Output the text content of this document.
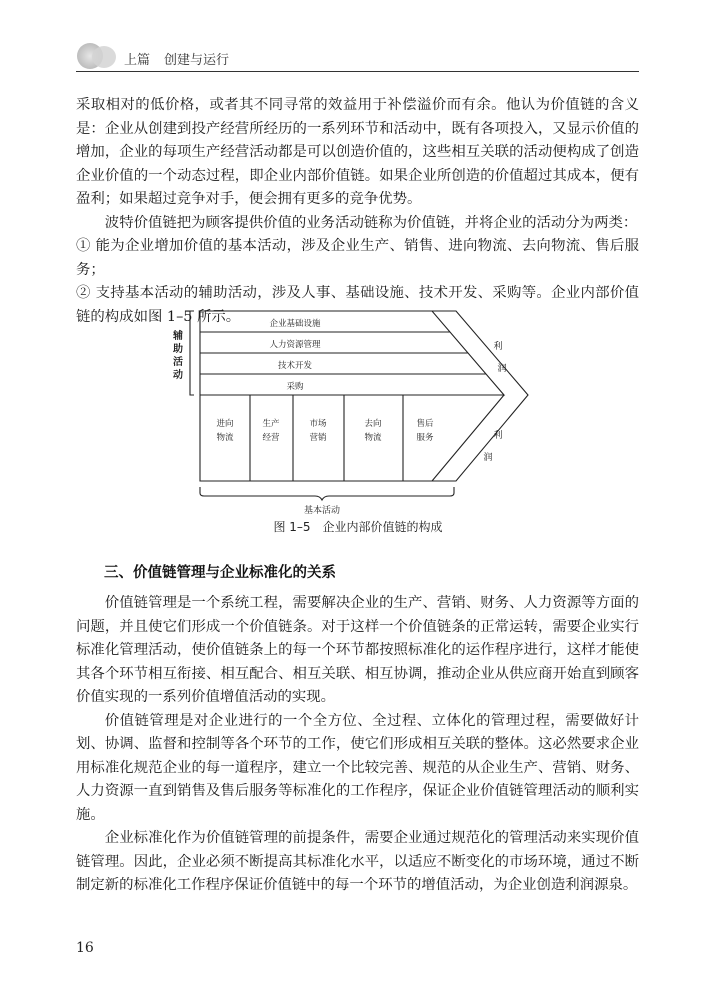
上篇 创建与运行

采取相对的低价格，或者其不同寻常的效益用于补偿溢价而有余。他认为价值链的含义是：企业从创建到投产经营所经历的一系列环节和活动中，既有各项投入，又显示价值的增加，企业的每项生产经营活动都是可以创造价值的，这些相互关联的活动便构成了创造企业价值的一个动态过程，即企业内部价值链。如果企业所创造的价值超过其成本，便有盈利；如果超过竞争对手，便会拥有更多的竞争优势。

波特价值链把为顾客提供价值的业务活动链称为价值链，并将企业的活动分为两类：

① 能为企业增加价值的基本活动，涉及企业生产、销售、进向物流、去向物流、售后服务；

② 支持基本活动的辅助活动，涉及人事、基础设施、技术开发、采购等。企业内部价值链的构成如图 1–5 所示。

辅
助
活
动
企业基础设施
人力资源管理
技术开发
采购
进向
物流
生产
经营
市场
营销
去向
物流
售后
服务
利
润
利
润
基本活动
图 1–5　企业内部价值链的构成
三、价值链管理与企业标准化的关系

价值链管理是一个系统工程，需要解决企业的生产、营销、财务、人力资源等方面的问题，并且使它们形成一个价值链条。对于这样一个价值链条的正常运转，需要企业实行标准化管理活动，使价值链条上的每一个环节都按照标准化的运作程序进行，这样才能使其各个环节相互衔接、相互配合、相互关联、相互协调，推动企业从供应商开始直到顾客价值实现的一系列价值增值活动的实现。

价值链管理是对企业进行的一个全方位、全过程、立体化的管理过程，需要做好计划、协调、监督和控制等各个环节的工作，使它们形成相互关联的整体。这必然要求企业用标准化规范企业的每一道程序，建立一个比较完善、规范的从企业生产、营销、财务、人力资源一直到销售及售后服务等标准化的工作程序，保证企业价值链管理活动的顺利实施。

企业标准化作为价值链管理的前提条件，需要企业通过规范化的管理活动来实现价值链管理。因此，企业必须不断提高其标准化水平，以适应不断变化的市场环境，通过不断制定新的标准化工作程序保证价值链中的每一个环节的增值活动，为企业创造利润源泉。

16
